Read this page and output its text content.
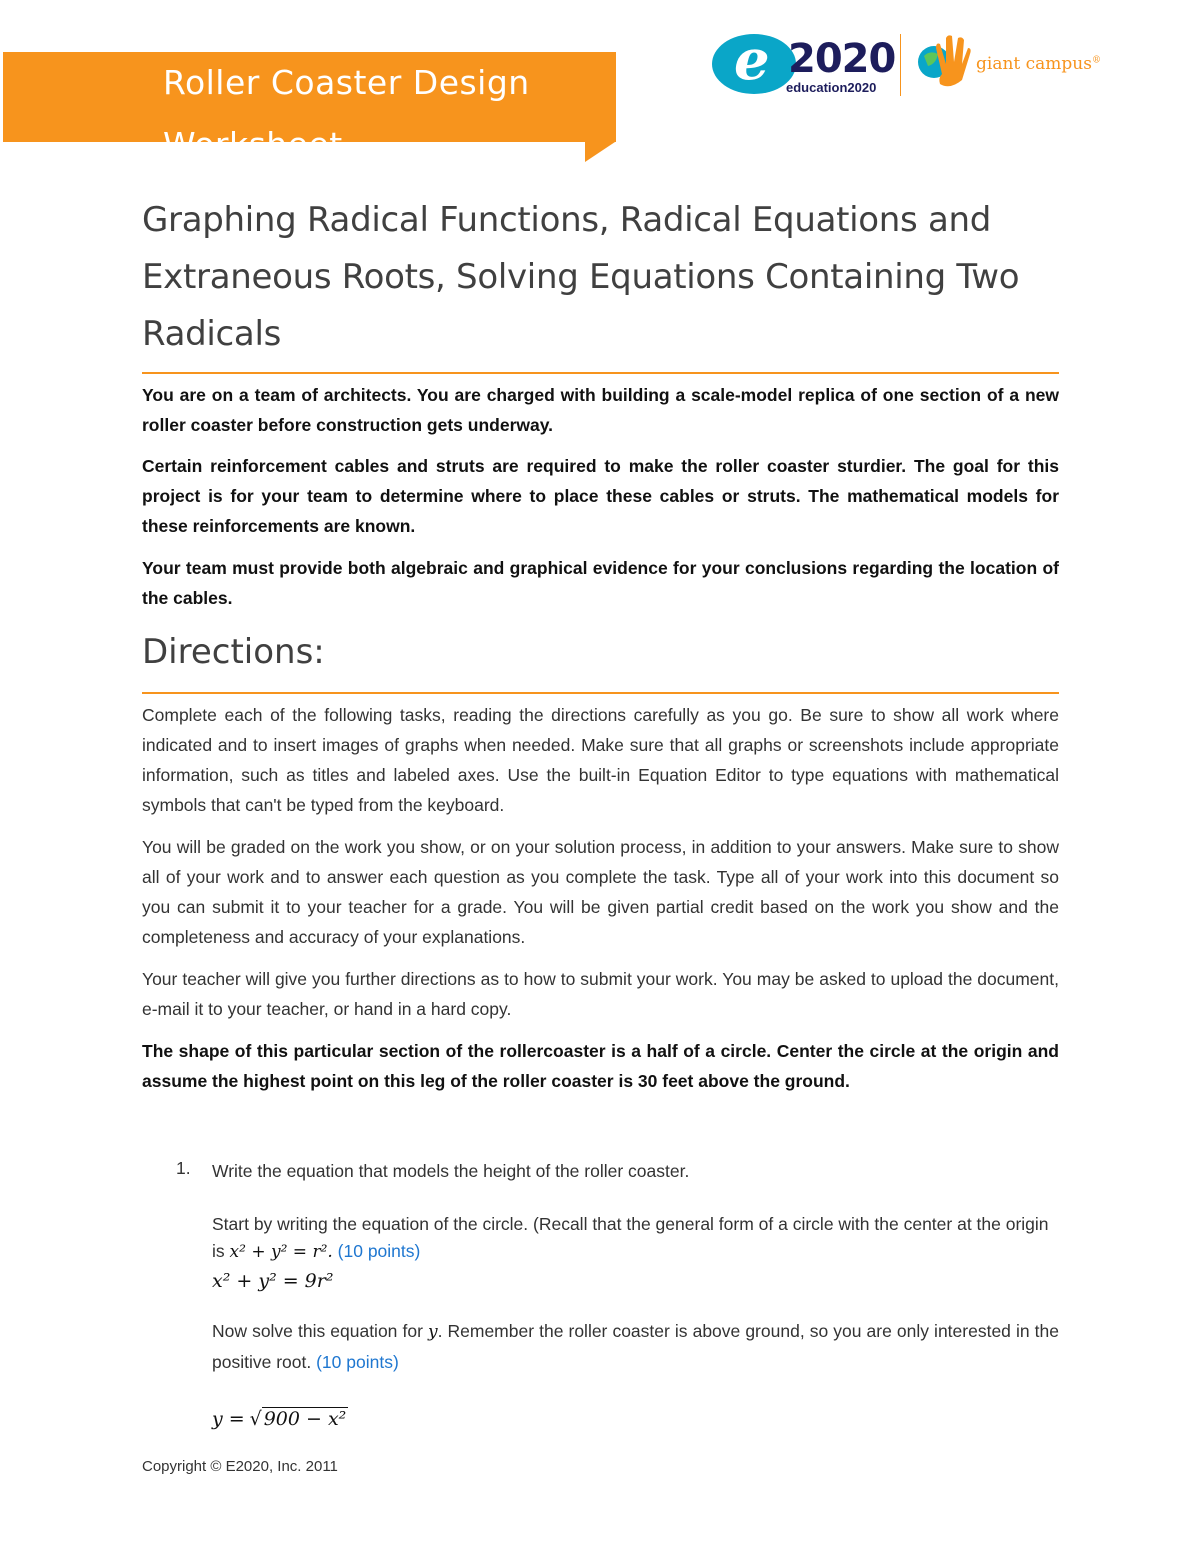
Roller Coaster Design Worksheet
e 2020
education2020
giant campus®
Graphing Radical Functions, Radical Equations and Extraneous Roots, Solving Equations Containing Two Radicals

You are on a team of architects. You are charged with building a scale-model replica of one section of a new roller coaster before construction gets underway.

Certain reinforcement cables and struts are required to make the roller coaster sturdier. The goal for this project is for your team to determine where to place these cables or struts. The mathematical models for these reinforcements are known.

Your team must provide both algebraic and graphical evidence for your conclusions regarding the location of the cables.

Directions:

Complete each of the following tasks, reading the directions carefully as you go. Be sure to show all work where indicated and to insert images of graphs when needed. Make sure that all graphs or screenshots include appropriate information, such as titles and labeled axes. Use the built-in Equation Editor to type equations with mathematical symbols that can't be typed from the keyboard.

You will be graded on the work you show, or on your solution process, in addition to your answers. Make sure to show all of your work and to answer each question as you complete the task. Type all of your work into this document so you can submit it to your teacher for a grade. You will be given partial credit based on the work you show and the completeness and accuracy of your explanations.

Your teacher will give you further directions as to how to submit your work. You may be asked to upload the document, e-mail it to your teacher, or hand in a hard copy.

The shape of this particular section of the rollercoaster is a half of a circle. Center the circle at the origin and assume the highest point on this leg of the roller coaster is 30 feet above the ground.

1. Write the equation that models the height of the roller coaster.

Start by writing the equation of the circle. (Recall that the general form of a circle with the center at the origin is x² + y² = r². (10 points)

x² + y² = 9r²

Now solve this equation for y. Remember the roller coaster is above ground, so you are only interested in the positive root. (10 points)

y = √ 900 − x²

Copyright © E2020, Inc. 2011
